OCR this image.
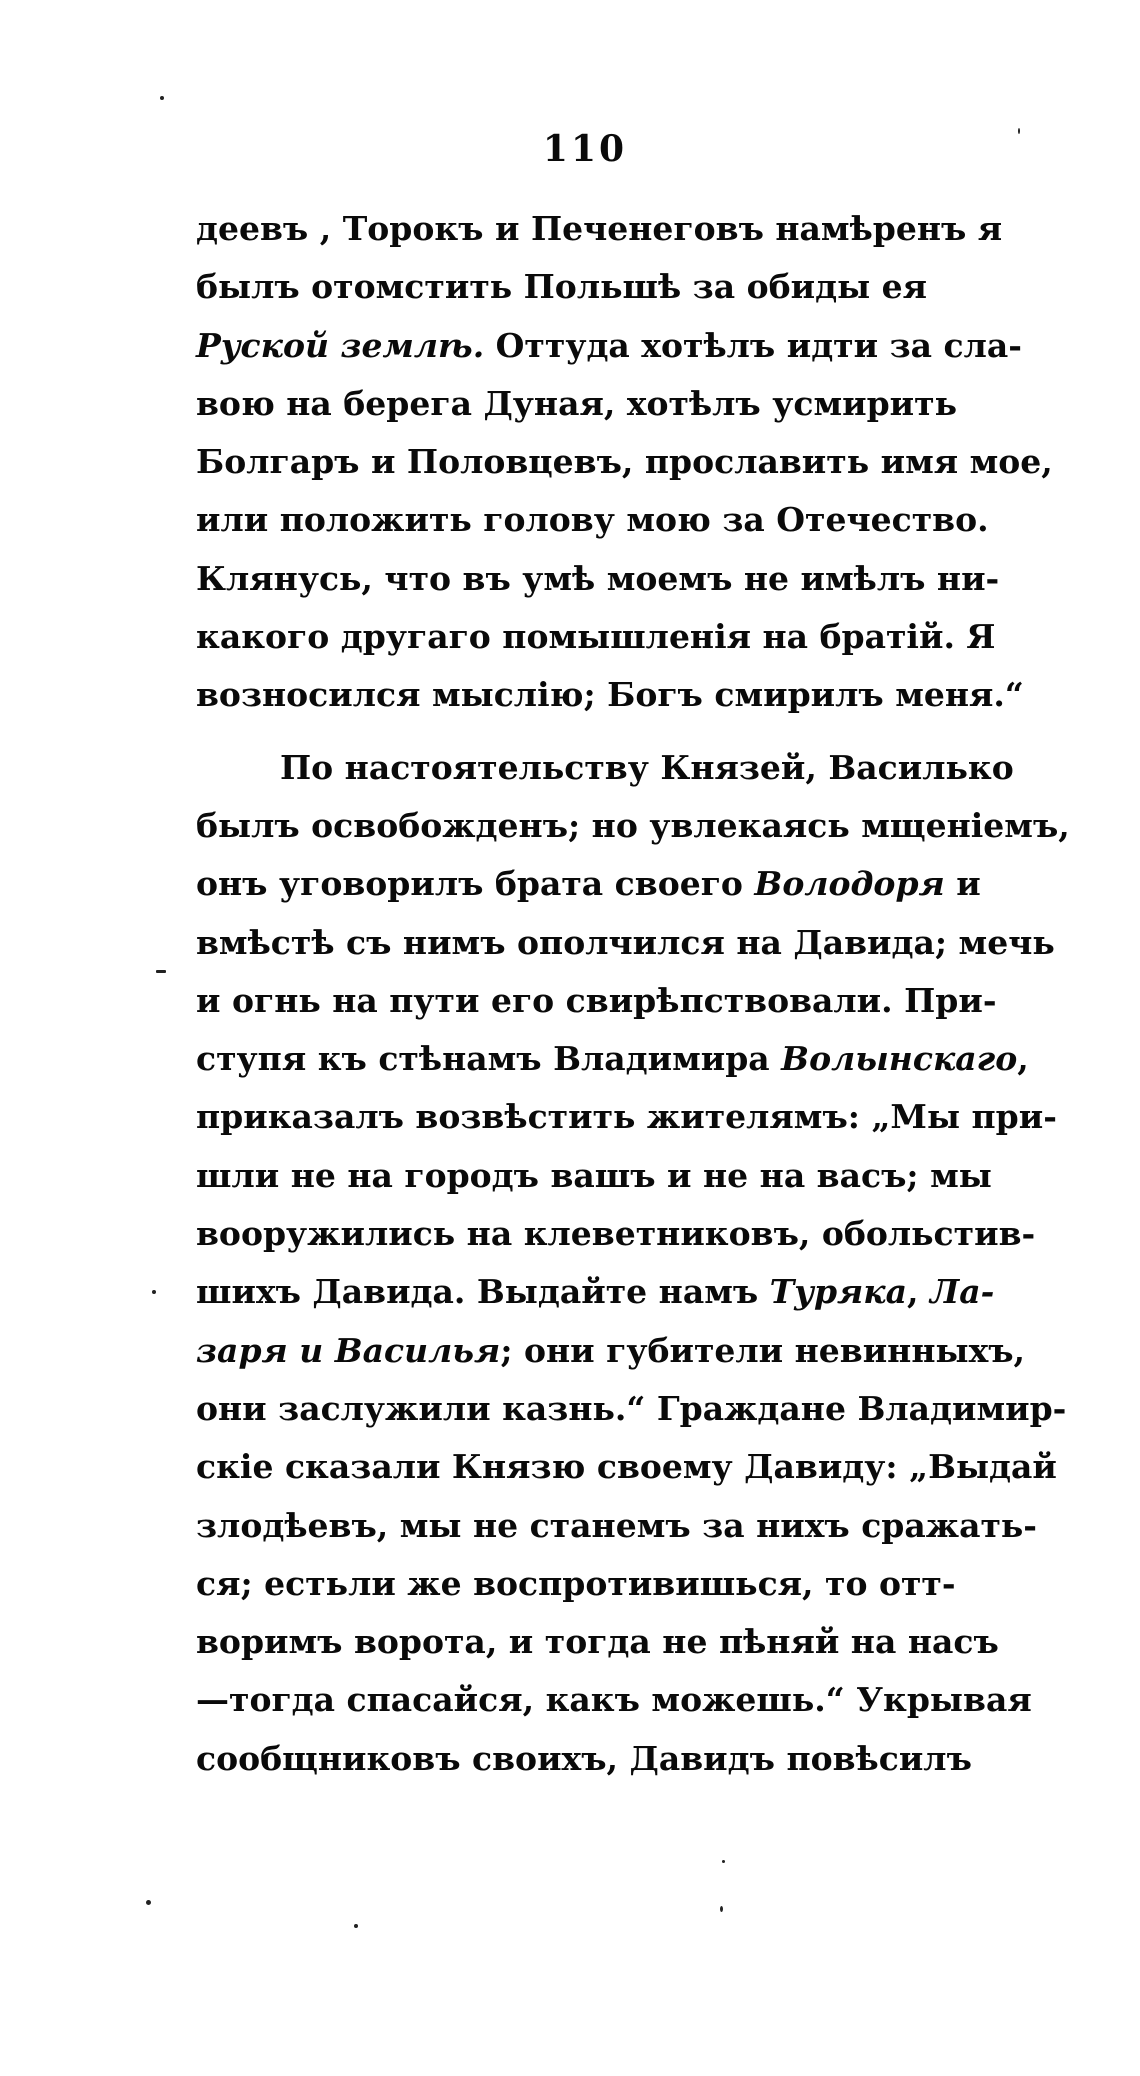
110
деевъ , Торокъ и Печенеговъ намѣренъ я
былъ отомстить Польшѣ за обиды ея
Руской землѣ. Оттуда хотѣлъ идти за сла-
вою на берега Дуная, хотѣлъ усмирить
Болгаръ и Половцевъ, прославить имя мое,
или положить голову мою за Отечество.
Клянусь, что въ умѣ моемъ не имѣлъ ни-
какого другаго помышленія на братій. Я
возносился мыслію; Богъ смирилъ меня.“
По настоятельству Князей, Василько
былъ освобожденъ; но увлекаясь мщеніемъ,
онъ уговорилъ брата своего Володоря и
вмѣстѣ съ нимъ ополчился на Давида; мечь
и огнь на пути его свирѣпствовали. При-
ступя къ стѣнамъ Владимира Волынскаго,
приказалъ возвѣстить жителямъ: „Мы при-
шли не на городъ вашъ и не на васъ; мы
вооружились на клеветниковъ, обольстив-
шихъ Давида. Выдайте намъ Туряка, Ла-
заря и Василья; они губители невинныхъ,
они заслужили казнь.“ Граждане Владимир-
скіе сказали Князю своему Давиду: „Выдай
злодѣевъ, мы не станемъ за нихъ сражать-
ся; естьли же воспротивишься, то отт-
воримъ ворота, и тогда не пѣняй на насъ
—тогда спасайся, какъ можешь.“ Укрывая
сообщниковъ своихъ, Давидъ повѣсилъ
